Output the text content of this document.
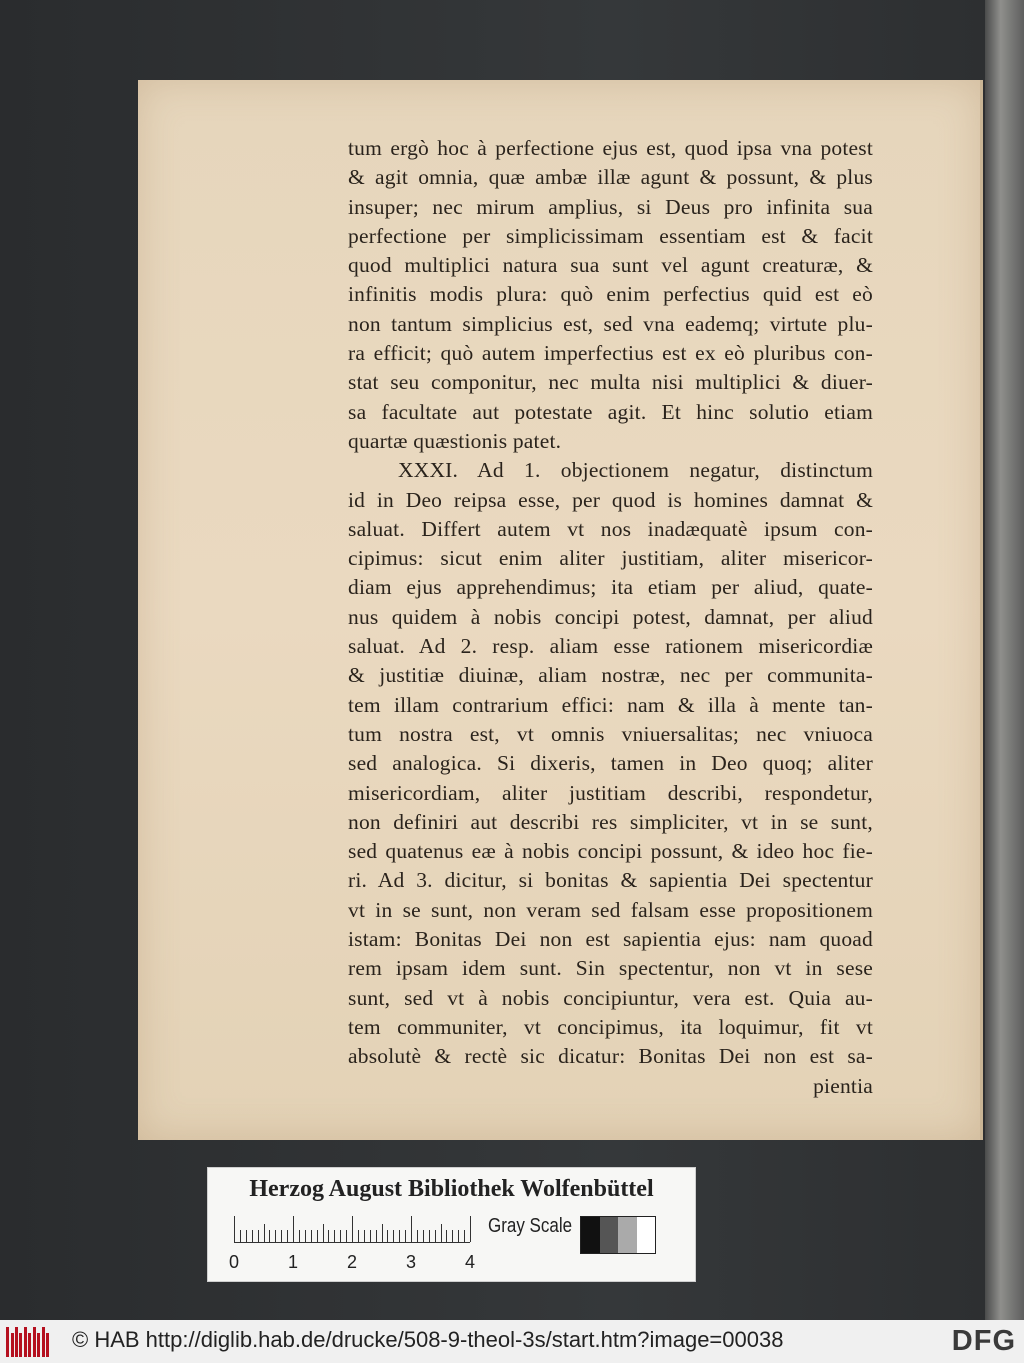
tum ergò hoc à perfectione ejus est, quod ipsa vna potest
& agit omnia, quæ ambæ illæ agunt & possunt, & plus
insuper; nec mirum amplius, si Deus pro infinita sua
perfectione per simplicissimam essentiam est & facit
quod multiplici natura sua sunt vel agunt creaturæ, &
infinitis modis plura: quò enim perfectius quid est eò
non tantum simplicius est, sed vna eademq; virtute plu-
ra efficit; quò autem imperfectius est ex eò pluribus con-
stat seu componitur, nec multa nisi multiplici & diuer-
sa facultate aut potestate agit. Et hinc solutio etiam
quartæ quæstionis patet.
XXXI. Ad 1. objectionem negatur, distinctum
id in Deo reipsa esse, per quod is homines damnat &
saluat. Differt autem vt nos inadæquatè ipsum con-
cipimus: sicut enim aliter justitiam, aliter misericor-
diam ejus apprehendimus; ita etiam per aliud, quate-
nus quidem à nobis concipi potest, damnat, per aliud
saluat. Ad 2. resp. aliam esse rationem misericordiæ
& justitiæ diuinæ, aliam nostræ, nec per communita-
tem illam contrarium effici: nam & illa à mente tan-
tum nostra est, vt omnis vniuersalitas; nec vniuoca
sed analogica. Si dixeris, tamen in Deo quoq; aliter
misericordiam, aliter justitiam describi, respondetur,
non definiri aut describi res simpliciter, vt in se sunt,
sed quatenus eæ à nobis concipi possunt, & ideo hoc fie-
ri. Ad 3. dicitur, si bonitas & sapientia Dei spectentur
vt in se sunt, non veram sed falsam esse propositionem
istam: Bonitas Dei non est sapientia ejus: nam quoad
rem ipsam idem sunt. Sin spectentur, non vt in sese
sunt, sed vt à nobis concipiuntur, vera est. Quia au-
tem communiter, vt concipimus, ita loquimur, fit vt
absolutè & rectè sic dicatur: Bonitas Dei non est sa-
pientia
Herzog August Bibliothek Wolfenbüttel
0	1	2	3	4
Gray Scale
© HAB http://diglib.hab.de/drucke/508-9-theol-3s/start.htm?image=00038	DFG
